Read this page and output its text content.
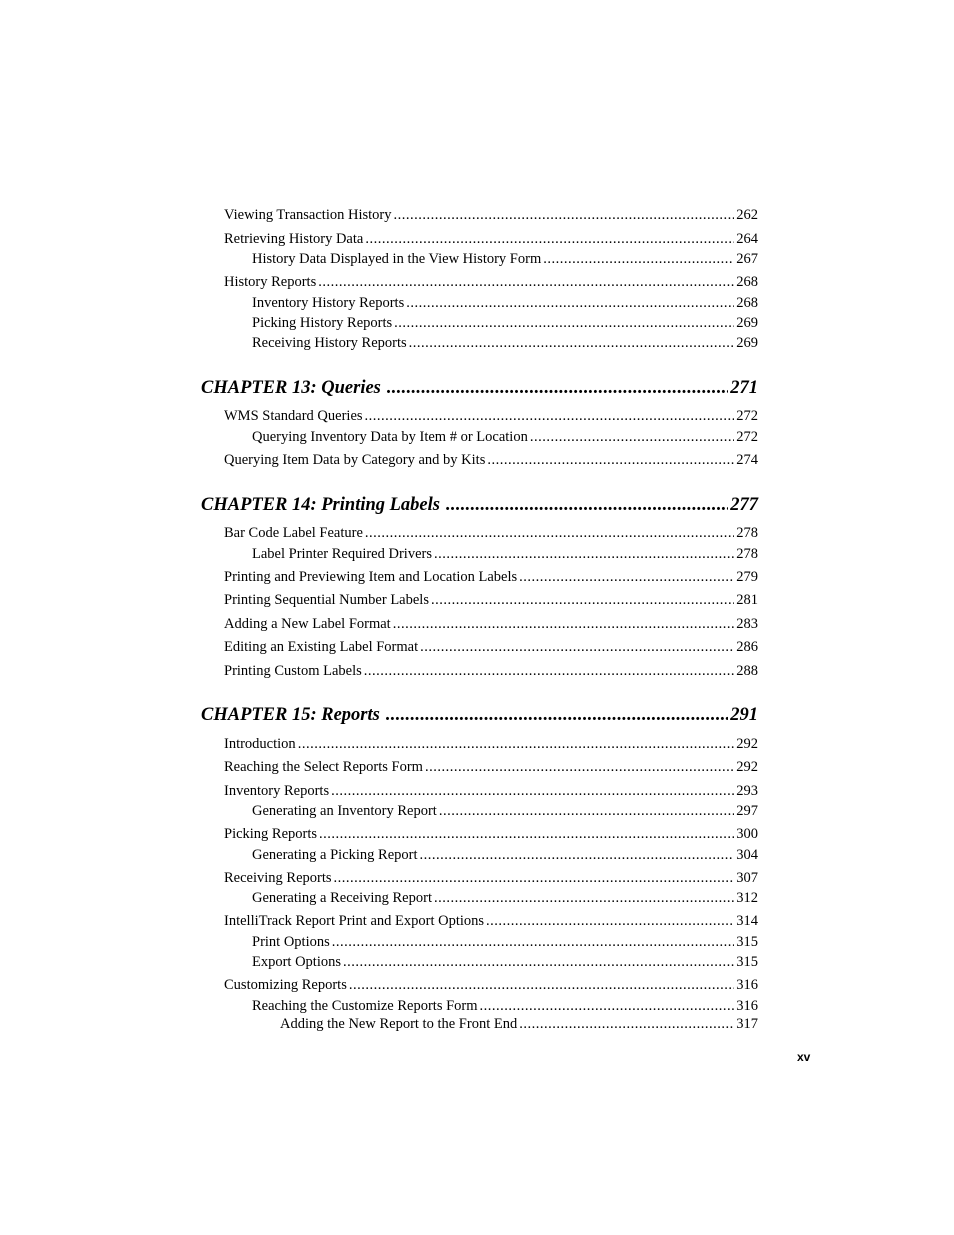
Viewing Transaction History .....	262
Retrieving History Data .....	264
History Data Displayed in the View History Form .....	267
History Reports .....	268
Inventory History Reports .....	268
Picking History Reports .....	269
Receiving History Reports .....	269
CHAPTER 13: Queries .....	271
WMS Standard Queries .....	272
Querying Inventory Data by Item # or Location .....	272
Querying Item Data by Category and by Kits .....	274
CHAPTER 14: Printing Labels .....	277
Bar Code Label Feature .....	278
Label Printer Required Drivers .....	278
Printing and Previewing Item and Location Labels .....	279
Printing Sequential Number Labels .....	281
Adding a New Label Format .....	283
Editing an Existing Label Format .....	286
Printing Custom Labels .....	288
CHAPTER 15: Reports .....	291
Introduction .....	292
Reaching the Select Reports Form .....	292
Inventory Reports .....	293
Generating an Inventory Report .....	297
Picking Reports .....	300
Generating a Picking Report .....	304
Receiving Reports .....	307
Generating a Receiving Report .....	312
IntelliTrack Report Print and Export Options .....	314
Print Options .....	315
Export Options .....	315
Customizing Reports .....	316
Reaching the Customize Reports Form .....	316
Adding the New Report to the Front End .....	317
xv
